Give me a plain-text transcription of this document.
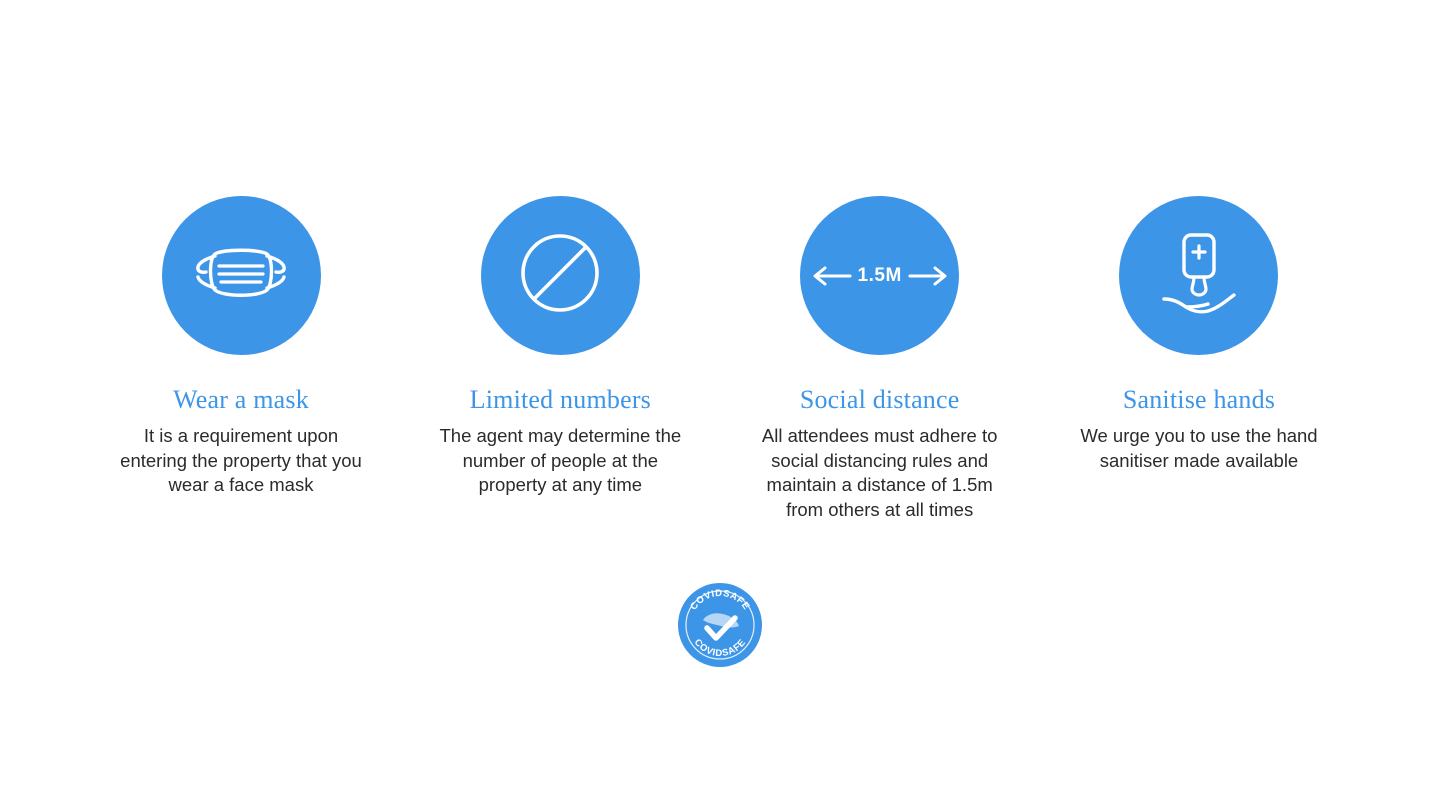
Wear a mask
It is a requirement upon entering the property that you wear a face mask
Limited numbers
The agent may determine the number of people at the property at any time
1.5M
Social distance
All attendees must adhere to social distancing rules and maintain a distance of 1.5m from others at all times
Sanitise hands
We urge you to use the hand sanitiser made available
COVIDSAFE
COVIDSAFE
